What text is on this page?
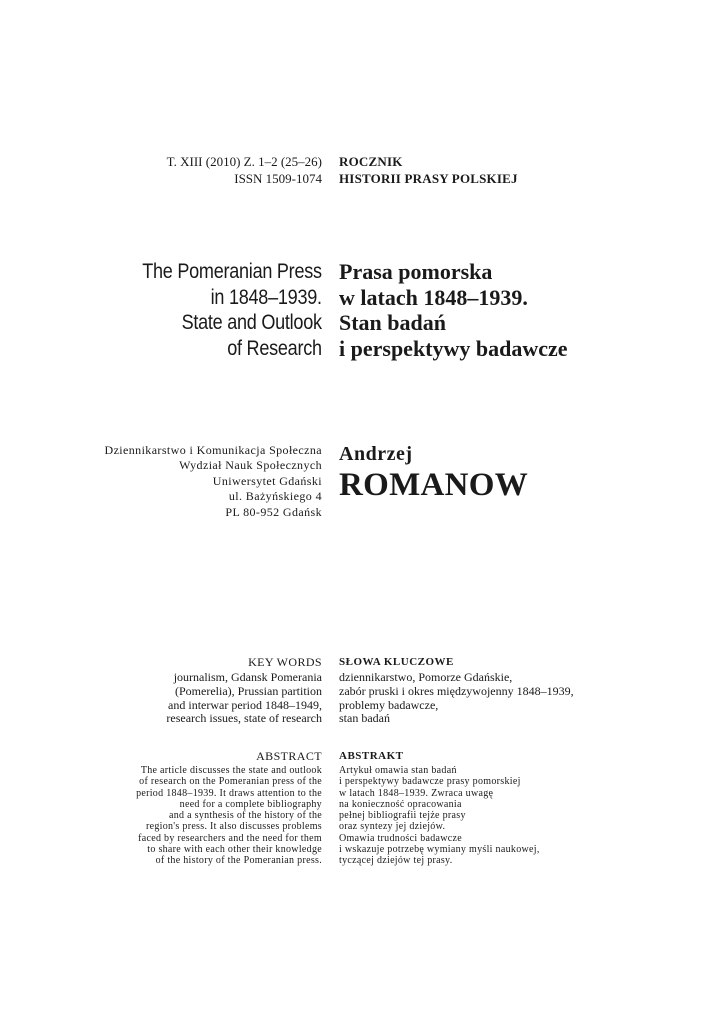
T. XIII (2010) Z. 1–2 (25–26)
ISSN 1509-1074
ROCZNIK
HISTORII PRASY POLSKIEJ
The Pomeranian Press
in 1848–1939.
State and Outlook
of Research
Prasa pomorska
w latach 1848–1939.
Stan badań
i perspektywy badawcze
Dziennikarstwo i Komunikacja Społeczna
Wydział Nauk Społecznych
Uniwersytet Gdański
ul. Bażyńskiego 4
PL 80-952 Gdańsk
Andrzej
ROMANOW
KEY WORDS SŁOWA KLUCZOWE
journalism, Gdansk Pomerania
(Pomerelia), Prussian partition
and interwar period 1848–1949,
research issues, state of research
dziennikarstwo, Pomorze Gdańskie,
zabór pruski i okres międzywojenny 1848–1939,
problemy badawcze,
stan badań
ABSTRACT ABSTRAKT
The article discusses the state and outlook
of research on the Pomeranian press of the
period 1848–1939. It draws attention to the
need for a complete bibliography
and a synthesis of the history of the
region's press. It also discusses problems
faced by researchers and the need for them
to share with each other their knowledge
of the history of the Pomeranian press.
Artykuł omawia stan badań
i perspektywy badawcze prasy pomorskiej
w latach 1848–1939. Zwraca uwagę
na konieczność opracowania
pełnej bibliografii tejże prasy
oraz syntezy jej dziejów.
Omawia trudności badawcze
i wskazuje potrzebę wymiany myśli naukowej,
tyczącej dziejów tej prasy.
